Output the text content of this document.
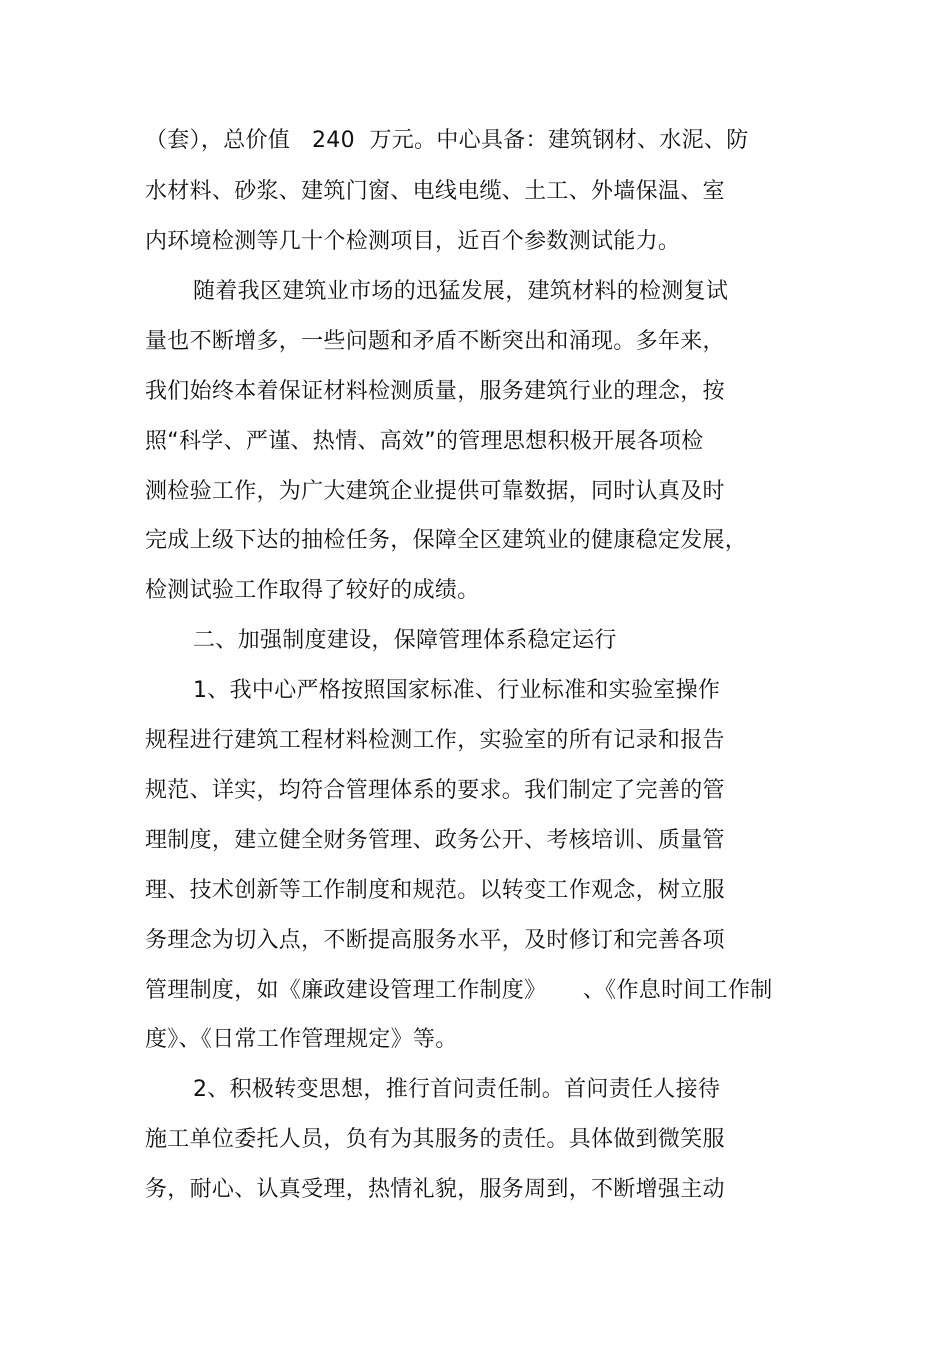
（套），总价值   240  万元。中心具备：建筑钢材、水泥、防
水材料、砂浆、建筑门窗、电线电缆、土工、外墙保温、室
内环境检测等几十个检测项目，近百个参数测试能力。
随着我区建筑业市场的迅猛发展，建筑材料的检测复试
量也不断增多，一些问题和矛盾不断突出和涌现。多年来，
我们始终本着保证材料检测质量，服务建筑行业的理念，按
照“科学、严谨、热情、高效”的管理思想积极开展各项检
测检验工作，为广大建筑企业提供可靠数据，同时认真及时
完成上级下达的抽检任务，保障全区建筑业的健康稳定发展，
检测试验工作取得了较好的成绩。
二、加强制度建设，保障管理体系稳定运行
1、我中心严格按照国家标准、行业标准和实验室操作
规程进行建筑工程材料检测工作，实验室的所有记录和报告
规范、详实，均符合管理体系的要求。我们制定了完善的管
理制度，建立健全财务管理、政务公开、考核培训、质量管
理、技术创新等工作制度和规范。以转变工作观念，树立服
务理念为切入点，不断提高服务水平，及时修订和完善各项
管理制度，如《廉政建设管理工作制度》     、《作息时间工作制
度》、《日常工作管理规定》等。
2、积极转变思想，推行首问责任制。首问责任人接待
施工单位委托人员，负有为其服务的责任。具体做到微笑服
务，耐心、认真受理，热情礼貌，服务周到，不断增强主动
